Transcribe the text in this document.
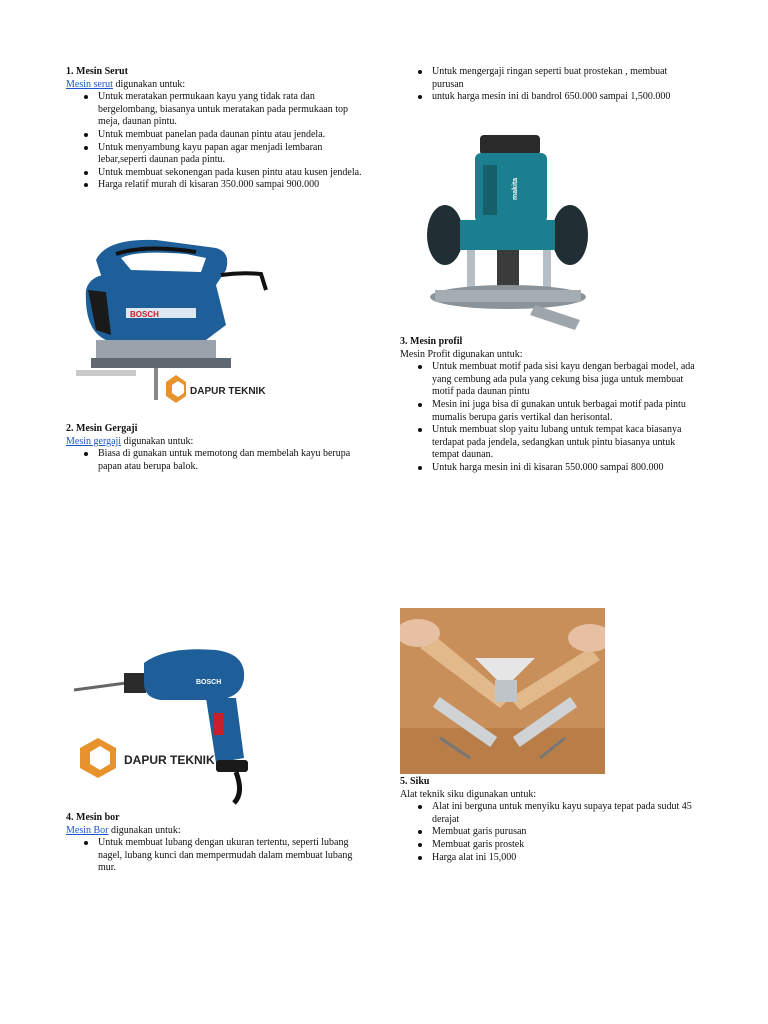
1. Mesin Serut

Mesin serut digunakan untuk:

Untuk meratakan permukaan kayu yang tidak rata dan bergelombang, biasanya untuk meratakan pada permukaan top meja, daunan pintu.
Untuk membuat panelan pada daunan pintu atau jendela.
Untuk menyambung kayu papan agar menjadi lembaran lebar,seperti daunan pada pintu.
Untuk membuat sekonengan pada kusen pintu atau kusen jendela.
Harga relatif murah di kisaran 350.000 sampai 900.000
BOSCH
DAPUR TEKNIK
2. Mesin Gergaji

Mesin gergaji digunakan untuk:

Biasa di gunakan untuk memotong dan membelah kayu berupa papan atau berupa balok.
Untuk mengergaji ringan seperti buat prostekan , membuat purusan
untuk harga mesin ini di bandrol 650.000 sampai 1,500.000
makita
3. Mesin profil

Mesin Profit digunakan untuk:

Untuk membuat motif pada sisi kayu dengan berbagai model, ada yang cembung ada pula yang cekung bisa juga untuk membuat motif pada daunan pintu
Mesin ini juga bisa di gunakan untuk berbagai motif pada pintu mumalis berupa garis vertikal dan herisontal.
Untuk membuat slop yaitu lubang untuk tempat kaca biasanya terdapat pada jendela, sedangkan untuk pintu biasanya untuk tempat daunan.
Untuk harga mesin ini di kisaran 550.000 sampai 800.000
BOSCH
DAPUR TEKNIK
4. Mesin bor

Mesin Bor digunakan untuk:

Untuk membuat lubang dengan ukuran tertentu, seperti lubang nagel, lubang kunci dan mempermudah dalam membuat lubang mur.
5. Siku

Alat teknik siku digunakan untuk:

Alat ini berguna untuk menyiku kayu supaya tepat pada sudut 45 derajat
Membuat garis purusan
Membuat garis prostek
Harga alat ini 15,000
